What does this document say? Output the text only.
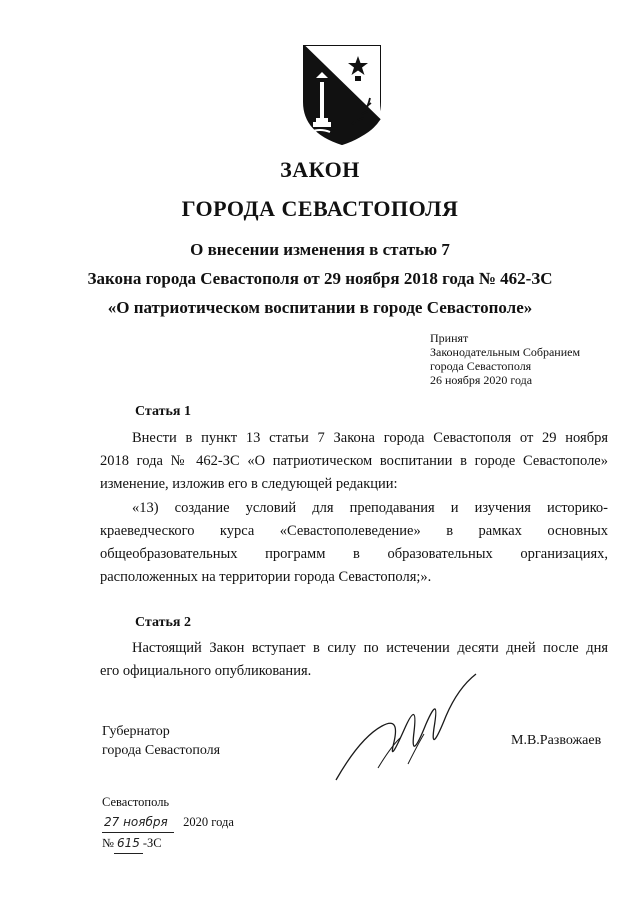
ЗАКОН
ГОРОДА СЕВАСТОПОЛЯ
О внесении изменения в статью 7
Закона города Севастополя от 29 ноября 2018 года № 462-ЗС
«О патриотическом воспитании в городе Севастополе»
Принят
Законодательным Собранием
города Севастополя
26 ноября 2020 года
Статья 1
Внести в пункт 13 статьи 7 Закона города Севастополя от 29 ноября
2018 года № 462-ЗС «О патриотическом воспитании в городе Севастополе»
изменение, изложив его в следующей редакции:
«13) создание условий для преподавания и изучения историко-
краеведческого курса «Севастополеведение» в рамках основных
общеобразовательных программ в образовательных организациях,
расположенных на территории города Севастополя;».
Статья 2
Настоящий Закон вступает в силу по истечении десяти дней после дня
его официального опубликования.
Губернатор
города Севастополя
М.В.Развожаев
Севастополь
27 ноября 2020 года
№ 615 -ЗС
